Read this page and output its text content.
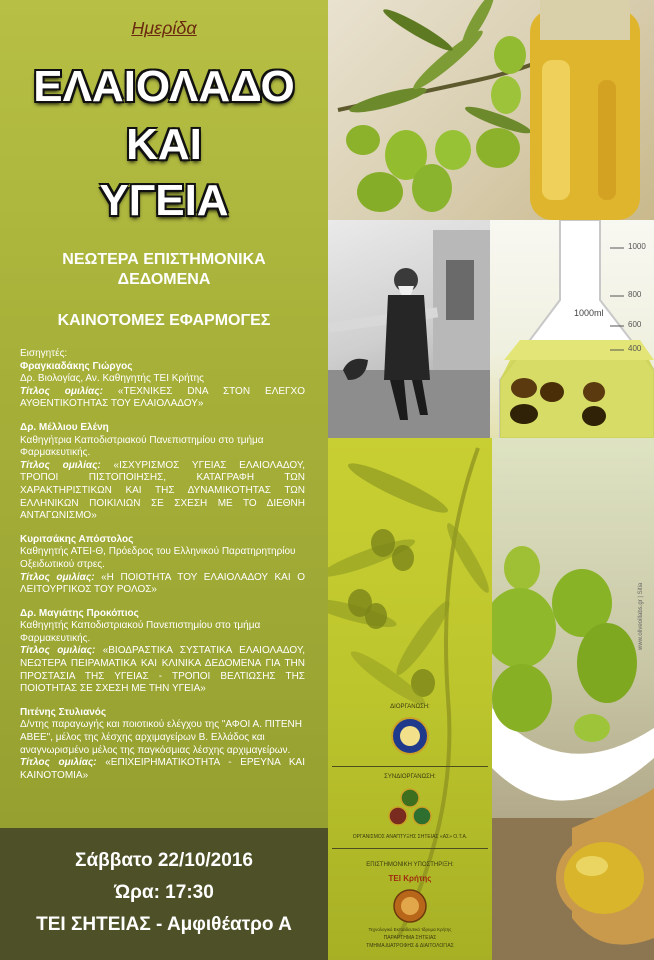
Ημερίδα
ΕΛΑΙΟΛΑΔΟ
ΚΑΙ
ΥΓΕΙΑ
ΝΕΩΤΕΡΑ ΕΠΙΣΤΗΜΟΝΙΚΑ
ΔΕΔΟΜΕΝΑ
ΚΑΙΝΟΤΟΜΕΣ ΕΦΑΡΜΟΓΕΣ

Εισηγητές:

Φραγκιαδάκης Γιώργος

Δρ. Βιολογίας, Αν. Καθηγητής ΤΕΙ Κρήτης

Τίτλος ομιλίας: «ΤΕΧΝΙΚΕΣ DNA ΣΤΟΝ ΕΛΕΓΧΟ ΑΥΘΕΝΤΙΚΟΤΗΤΑΣ ΤΟΥ ΕΛΑΙΟΛΑΔΟΥ»

Δρ. Μέλλιου Ελένη

Καθηγήτρια Καποδιστριακού Πανεπιστημίου στο τμήμα Φαρμακευτικής.

Τίτλος ομιλίας: «ΙΣΧΥΡΙΣΜΟΣ ΥΓΕΙΑΣ ΕΛΑΙΟΛΑΔΟΥ, ΤΡΟΠΟΙ ΠΙΣΤΟΠΟΙΗΣΗΣ, ΚΑΤΑΓΡΑΦΗ ΤΩΝ ΧΑΡΑΚΤΗΡΙΣΤΙΚΩΝ ΚΑΙ ΤΗΣ ΔΥΝΑΜΙΚΟΤΗΤΑΣ ΤΩΝ ΕΛΛΗΝΙΚΩΝ ΠΟΙΚΙΛΙΩΝ ΣΕ ΣΧΕΣΗ ΜΕ ΤΟ ΔΙΕΘΝΗ ΑΝΤΑΓΩΝΙΣΜΟ»

Κυριτσάκης Απόστολος

Καθηγητής ΑΤΕΙ-Θ, Πρόεδρος του Ελληνικού Παρατηρητηρίου Οξειδωτικού στρες.

Τίτλος ομιλίας: «Η ΠΟΙΟΤΗΤΑ ΤΟΥ ΕΛΑΙΟΛΑΔΟΥ ΚΑΙ Ο ΛΕΙΤΟΥΡΓΙΚΟΣ ΤΟΥ ΡΟΛΟΣ»

Δρ. Μαγιάτης Προκόπιος

Καθηγητής Καποδιστριακού Πανεπιστημίου στο τμήμα Φαρμακευτικής.

Τίτλος ομιλίας: «ΒΙΟΔΡΑΣΤΙΚΑ ΣΥΣΤΑΤΙΚΑ ΕΛΑΙΟΛΑΔΟΥ, ΝΕΩΤΕΡΑ ΠΕΙΡΑΜΑΤΙΚΑ ΚΑΙ ΚΛΙΝΙΚΑ ΔΕΔΟΜΕΝΑ ΓΙΑ ΤΗΝ ΠΡΟΣΤΑΣΙΑ ΤΗΣ ΥΓΕΙΑΣ - ΤΡΟΠΟΙ ΒΕΛΤΙΩΣΗΣ ΤΗΣ ΠΟΙΟΤΗΤΑΣ ΣΕ ΣΧΕΣΗ ΜΕ ΤΗΝ ΥΓΕΙΑ»

Πιτένης Στυλιανός

Δ/ντης παραγωγής και ποιοτικού ελέγχου της "ΑΦΟΙ Α. ΠΙΤΕΝΗ ΑΒΕΕ", μέλος της λέσχης αρχιμαγείρων Β. Ελλάδος και αναγνωρισμένο μέλος της παγκόσμιας λέσχης αρχιμαγείρων.

Τίτλος ομιλίας: «ΕΠΙΧΕΙΡΗΜΑΤΙΚΟΤΗΤΑ - ΕΡΕΥΝΑ ΚΑΙ ΚΑΙΝΟΤΟΜΙΑ»

Σάββατο 22/10/2016
Ώρα: 17:30
ΤΕΙ ΣΗΤΕΙΑΣ - Αμφιθέατρο Α
1000
800
600
400
1000ml
ΔΙΟΡΓΑΝΩΣΗ:
ΣΥΝΔΙΟΡΓΑΝΩΣΗ:
ΟΡΓΑΝΙΣΜΟΣ ΑΝΑΠΤΥΞΗΣ ΣΗΤΕΙΑΣ «ΑΣ» Ο.Τ.Α.
ΕΠΙΣΤΗΜΟΝΙΚΗ ΥΠΟΣΤΗΡΙΞΗ:
ΤΕΙ Κρήτης
Τεχνολογικό Εκπαιδευτικό Ίδρυμα Κρήτης
ΠΑΡΑΡΤΗΜΑ ΣΗΤΕΙΑΣ
ΤΜΗΜΑ ΔΙΑΤΡΟΦΗΣ & ΔΙΑΙΤΟΛΟΓΙΑΣ
www.oliveoillabs.gr | Sitia
